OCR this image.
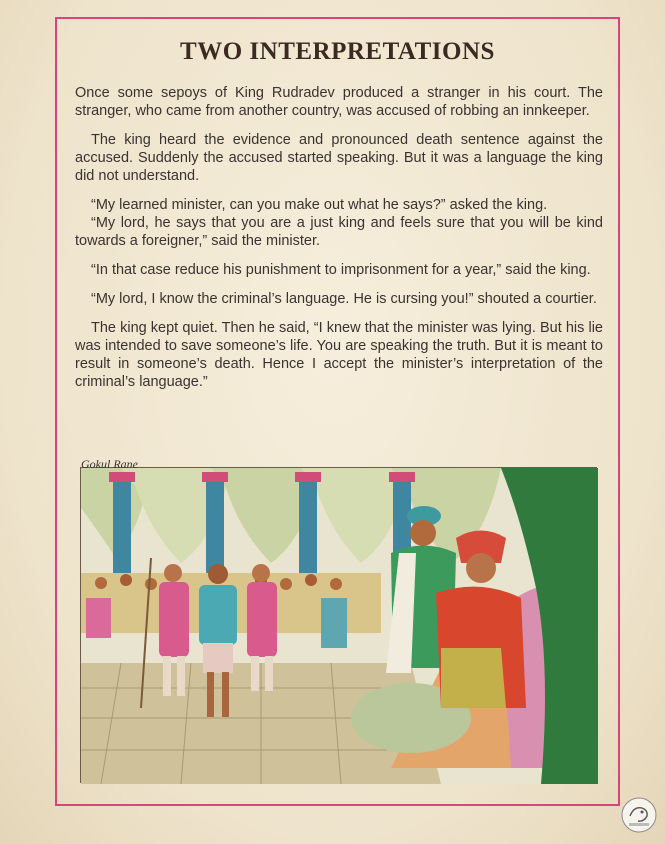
TWO INTERPRETATIONS

Once some sepoys of King Rudradev produced a stranger in his court. The stranger, who came from another country, was accused of robbing an innkeeper.

The king heard the evidence and pronounced death sentence against the accused. Suddenly the accused started speaking. But it was a language the king did not understand.

“My learned minister, can you make out what he says?” asked the king.

“My lord, he says that you are a just king and feels sure that you will be kind towards a foreigner,” said the minister.

“In that case reduce his punishment to imprisonment for a year,” said the king.

“My lord, I know the criminal’s language. He is cursing you!” shouted a courtier.

The king kept quiet. Then he said, “I knew that the minister was lying. But his lie was intended to save someone’s life. You are speaking the truth. But it is meant to result in someone’s death. Hence I accept the minister’s interpretation of the criminal’s language.”

Gokul Rane
